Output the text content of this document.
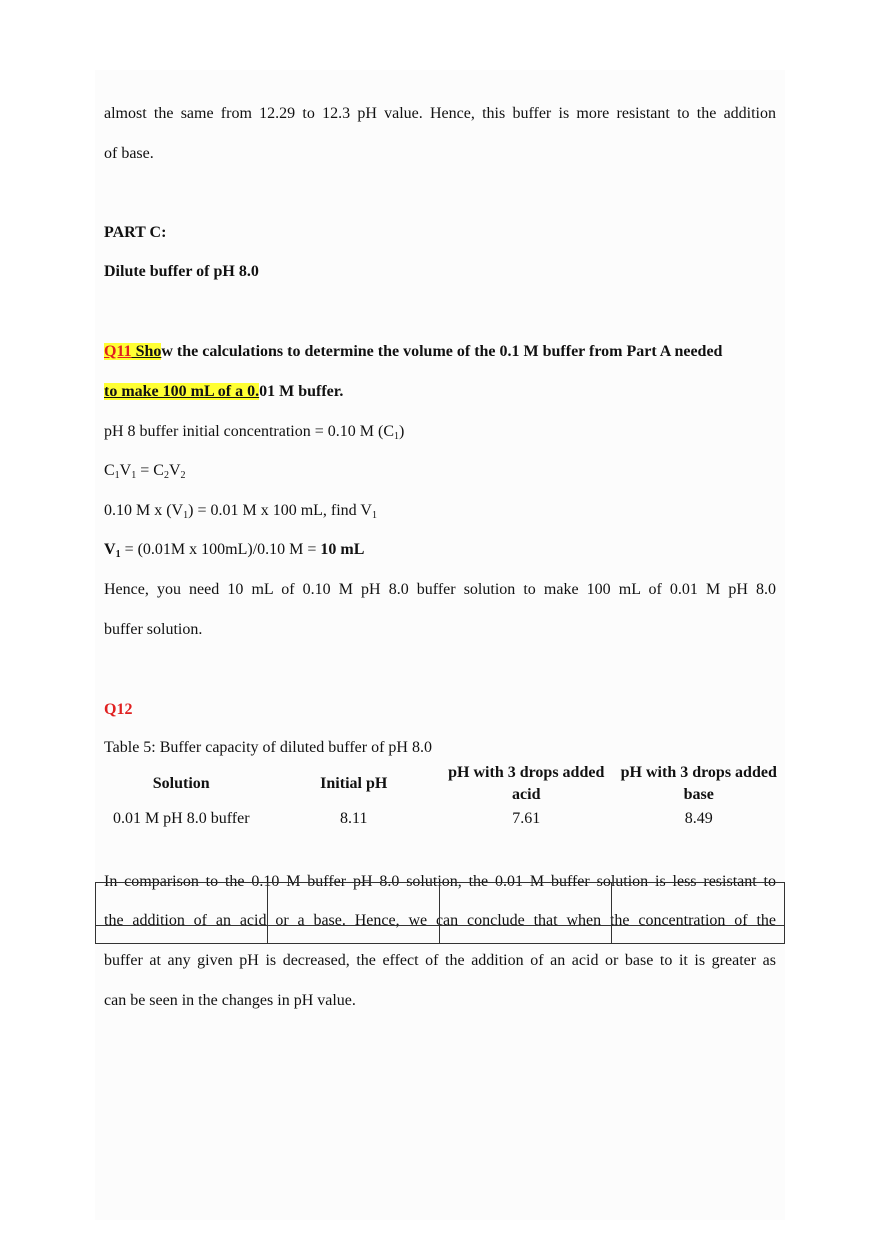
almost the same from 12.29 to 12.3 pH value. Hence, this buffer is more resistant to the addition
of base.
PART C:
Dilute buffer of pH 8.0
Q11 Show the calculations to determine the volume of the 0.1 M buffer from Part A needed
to make 100 mL of a 0.01 M buffer.
pH 8 buffer initial concentration = 0.10 M $(C_1)$
$C_1V_1 = C_2V_2$
0.10 M x $(V_1) = 0.01$ M x 100 mL, find $V_1$
$V_1 = (0.01M$ x 100mL)/0.10 M = 10 mL
Hence, you need 10 mL of 0.10 M pH 8.0 buffer solution to make 100 mL of 0.01 M pH 8.0
buffer solution.
Q12
Table 5: Buffer capacity of diluted buffer of pH 8.0
Solution	Initial pH	pH with 3 drops added acid	pH with 3 drops added base
0.01 M pH 8.0 buffer	8.11	7.61	8.49
In comparison to the 0.10 M buffer pH 8.0 solution, the 0.01 M buffer solution is less resistant to
the addition of an acid or a base. Hence, we can conclude that when the concentration of the
buffer at any given pH is decreased, the effect of the addition of an acid or base to it is greater as
can be seen in the changes in pH value.
